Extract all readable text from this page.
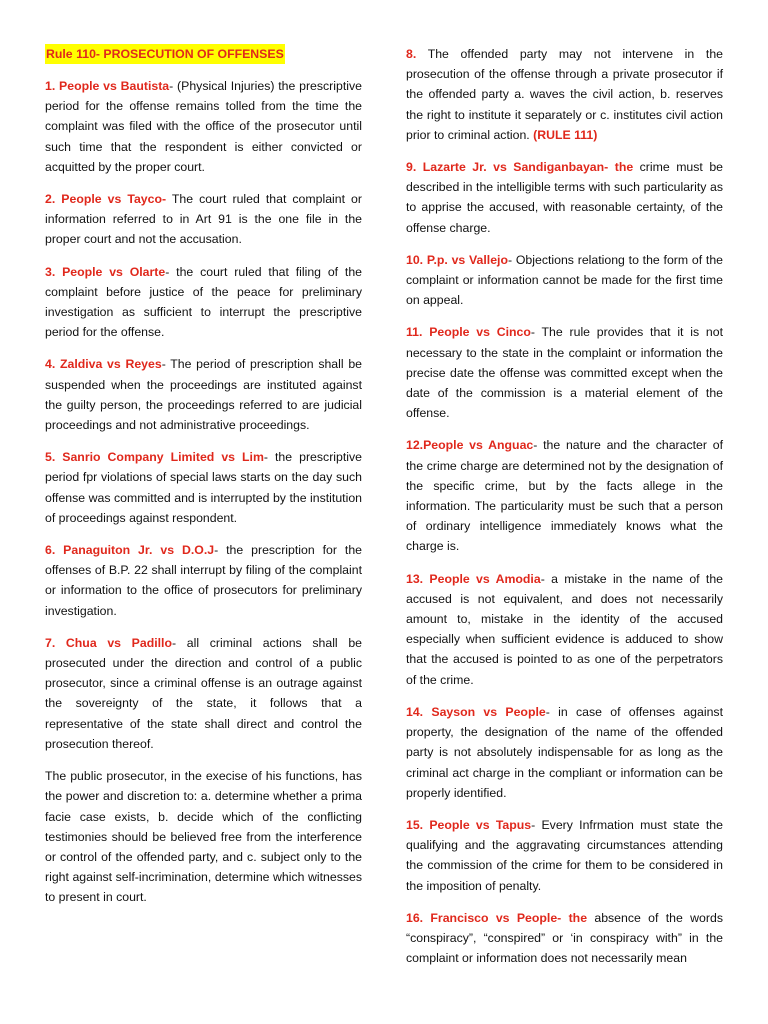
Rule 110- PROSECUTION OF OFFENSES

1. People vs Bautista- (Physical Injuries) the prescriptive period for the offense remains tolled from the time the complaint was filed with the office of the prosecutor until such time that the respondent is either convicted or acquitted by the proper court.

2. People vs Tayco- The court ruled that complaint or information referred to in Art 91 is the one file in the proper court and not the accusation.

3. People vs Olarte- the court ruled that filing of the complaint before justice of the peace for preliminary investigation as sufficient to interrupt the prescriptive period for the offense.

4. Zaldiva vs Reyes- The period of prescription shall be suspended when the proceedings are instituted against the guilty person, the proceedings referred to are judicial proceedings and not administrative proceedings.

5. Sanrio Company Limited vs Lim- the prescriptive period fpr violations of special laws starts on the day such offense was committed and is interrupted by the institution of proceedings against respondent.

6. Panaguiton Jr. vs D.O.J- the prescription for the offenses of B.P. 22 shall interrupt by filing of the complaint or information to the office of prosecutors for preliminary investigation.

7. Chua vs Padillo- all criminal actions shall be prosecuted under the direction and control of a public prosecutor, since a criminal offense is an outrage against the sovereignty of the state, it follows that a representative of the state shall direct and control the prosecution thereof.

The public prosecutor, in the execise of his functions, has the power and discretion to: a. determine whether a prima facie case exists, b. decide which of the conflicting testimonies should be believed free from the interference or control of the offended party, and c. subject only to the right against self-incrimination, determine which witnesses to present in court.

8. The offended party may not intervene in the prosecution of the offense through a private prosecutor if the offended party a. waves the civil action, b. reserves the right to institute it separately or c. institutes civil action prior to criminal action. (RULE 111)

9. Lazarte Jr. vs Sandiganbayan- the crime must be described in the intelligible terms with such particularity as to apprise the accused, with reasonable certainty, of the offense charge.

10. P.p. vs Vallejo- Objections relationg to the form of the complaint or information cannot be made for the first time on appeal.

11. People vs Cinco- The rule provides that it is not necessary to the state in the complaint or information the precise date the offense was committed except when the date of the commission is a material element of the offense.

12.People vs Anguac- the nature and the character of the crime charge are determined not by the designation of the specific crime, but by the facts allege in the information. The particularity must be such that a person of ordinary intelligence immediately knows what the charge is.

13. People vs Amodia- a mistake in the name of the accused is not equivalent, and does not necessarily amount to, mistake in the identity of the accused especially when sufficient evidence is adduced to show that the accused is pointed to as one of the perpetrators of the crime.

14. Sayson vs People- in case of offenses against property, the designation of the name of the offended party is not absolutely indispensable for as long as the criminal act charge in the compliant or information can be properly identified.

15. People vs Tapus- Every Infrmation must state the qualifying and the aggravating circumstances attending the commission of the crime for them to be considered in the imposition of penalty.

16. Francisco vs People- the absence of the words “conspiracy”, “conspired” or ‘in conspiracy with” in the complaint or information does not necessarily mean
